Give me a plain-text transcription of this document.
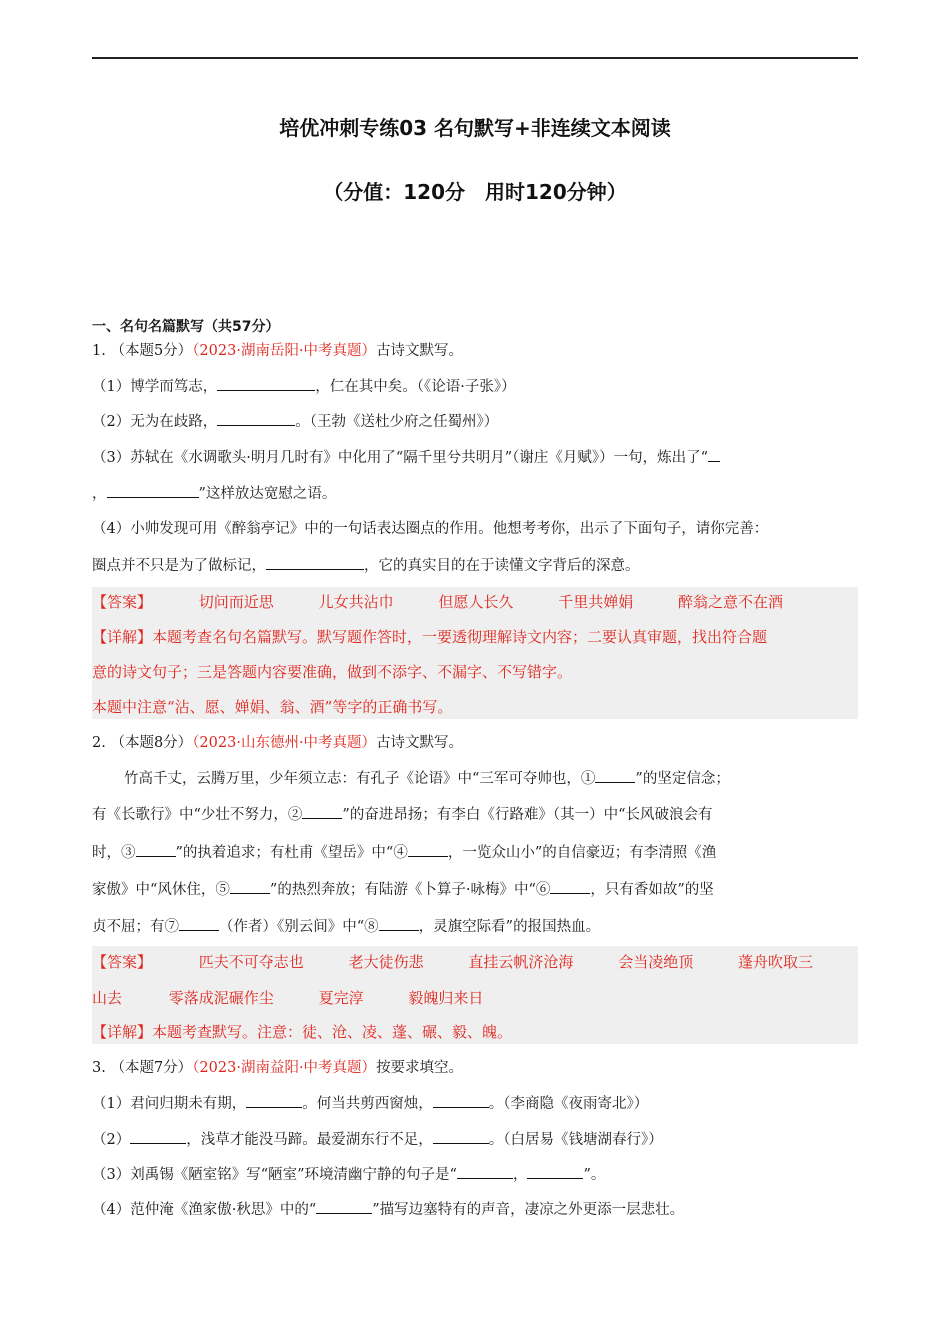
培优冲刺专练03 名句默写+非连续文本阅读
（分值：120分　用时120分钟）
一、名句名篇默写（共57分）
1. （本题5分）（2023·湖南岳阳·中考真题）古诗文默写。
（1）博学而笃志，	，仁在其中矣。（《论语·子张》）
（2）无为在歧路，	。（王勃《送杜少府之任蜀州》）
（3）苏轼在《水调歌头·明月几时有》中化用了“隔千里兮共明月”（谢庄《月赋》）一句，炼出了“
，	”这样放达宽慰之语。
（4）小帅发现可用《醉翁亭记》中的一句话表达圈点的作用。他想考考你，出示了下面句子，请你完善：
圈点并不只是为了做标记，	，它的真实目的在于读懂文字背后的深意。
【答案】	切问而近思	儿女共沾巾	但愿人长久	千里共婵娟	醉翁之意不在酒
【详解】本题考查名句名篇默写。默写题作答时，一要透彻理解诗文内容；二要认真审题，找出符合题
意的诗文句子；三是答题内容要准确，做到不添字、不漏字、不写错字。
本题中注意“沾、愿、婵娟、翁、酒”等字的正确书写。
2. （本题8分）（2023·山东德州·中考真题）古诗文默写。
竹高千丈，云腾万里，少年须立志：有孔子《论语》中“三军可夺帅也，①	”的坚定信念；
有《长歌行》中“少壮不努力，②	”的奋进昂扬；有李白《行路难》（其一）中“长风破浪会有
时，③	”的执着追求；有杜甫《望岳》中“④	，一览众山小”的自信豪迈；有李清照《渔
家傲》中“风休住，⑤	”的热烈奔放；有陆游《卜算子·咏梅》中“⑥	，只有香如故”的坚
贞不屈；有⑦	（作者）《别云间》中“⑧	，灵旗空际看”的报国热血。
【答案】	匹夫不可夺志也	老大徒伤悲	直挂云帆济沧海	会当凌绝顶	蓬舟吹取三
山去	零落成泥碾作尘	夏完淳	毅魄归来日
【详解】本题考查默写。注意：徒、沧、凌、蓬、碾、毅、魄。
3. （本题7分）（2023·湖南益阳·中考真题）按要求填空。
（1）君问归期未有期，	。何当共剪西窗烛，	。（李商隐《夜雨寄北》）
（2）	，浅草才能没马蹄。最爱湖东行不足，	。（白居易《钱塘湖春行》）
（3）刘禹锡《陋室铭》写“陋室”环境清幽宁静的句子是“	，	”。
（4）范仲淹《渔家傲·秋思》中的“	”描写边塞特有的声音，凄凉之外更添一层悲壮。
